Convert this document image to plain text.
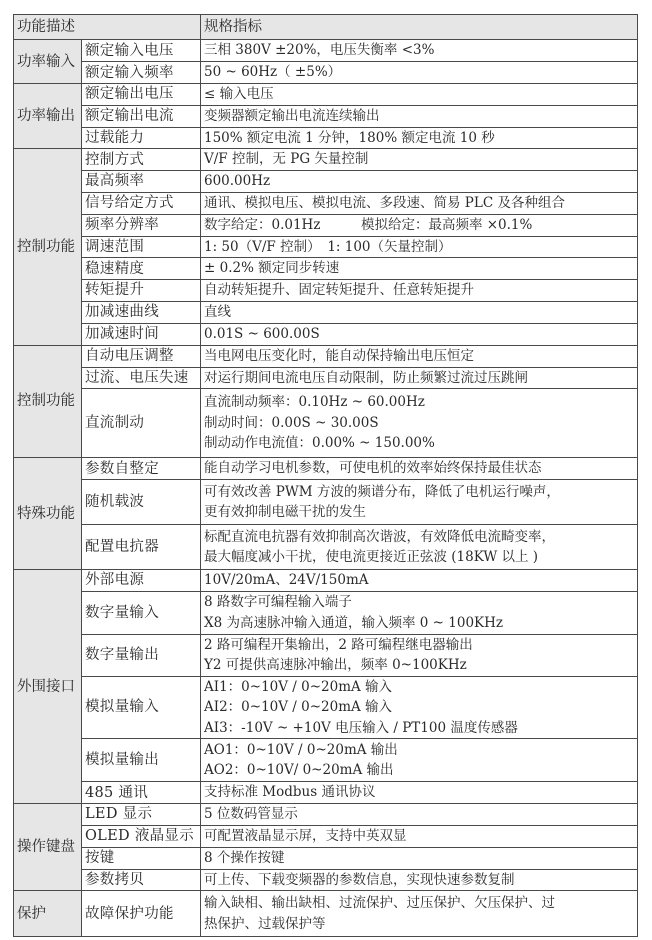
功能描述		规格指标
功率输入	额定输入电压	三相 380V ±20%，电压失衡率 <3%

	额定输入频率	50 ~ 60Hz（ ±5%）

功率输出	额定输出电压	≤ 输入电压

	额定输出电流	变频器额定输出电流连续输出

	过载能力	150% 额定电流 1 分钟，180% 额定电流 10 秒

控制功能	控制方式	V/F 控制，无 PG 矢量控制

	最高频率	600.00Hz

	信号给定方式	通讯、模拟电压、模拟电流、多段速、简易 PLC 及各种组合

	频率分辨率	数字给定：0.01Hz　　　模拟给定：最高频率 ×0.1%

	调速范围	1: 50（V/F 控制）　1: 100（矢量控制）

	稳速精度	± 0.2% 额定同步转速

	转矩提升	自动转矩提升、固定转矩提升、任意转矩提升

	加减速曲线	直线

	加减速时间	0.01S ~ 600.00S

控制功能	自动电压调整	当电网电压变化时，能自动保持输出电压恒定

	过流、电压失速	对运行期间电流电压自动限制，防止频繁过流过压跳闸

	直流制动	直流制动频率：0.10Hz ~ 60.00Hz
制动时间：0.00S ~ 30.00S
制动动作电流值：0.00% ~ 150.00%

特殊功能	参数自整定	能自动学习电机参数，可使电机的效率始终保持最佳状态

	随机载波	可有效改善 PWM 方波的频谱分布，降低了电机运行噪声，
更有效抑制电磁干扰的发生

	配置电抗器	标配直流电抗器有效抑制高次谐波，有效降低电流畸变率，
最大幅度减小干扰，使电流更接近正弦波 (18KW 以上 )

外围接口	外部电源	10V/20mA、24V/150mA

	数字量输入	8 路数字可编程输入端子
X8 为高速脉冲输入通道，输入频率 0 ~ 100KHz

	数字量输出	2 路可编程开集输出，2 路可编程继电器输出
Y2 可提供高速脉冲输出，频率 0~100KHz

	模拟量输入	AI1：0~10V / 0~20mA 输入
AI2：0~10V / 0~20mA 输入
AI3：-10V ~ +10V 电压输入 / PT100 温度传感器

	模拟量输出	AO1：0~10V / 0~20mA 输出
AO2：0~10V/ 0~20mA 输出

	485 通讯	支持标准 Modbus 通讯协议

操作键盘	LED 显示	5 位数码管显示

	OLED 液晶显示	可配置液晶显示屏，支持中英双显

	按键	8 个操作按键

	参数拷贝	可上传、下载变频器的参数信息，实现快速参数复制

保护	故障保护功能	输入缺相、输出缺相、过流保护、过压保护、欠压保护、过
热保护、过载保护等
